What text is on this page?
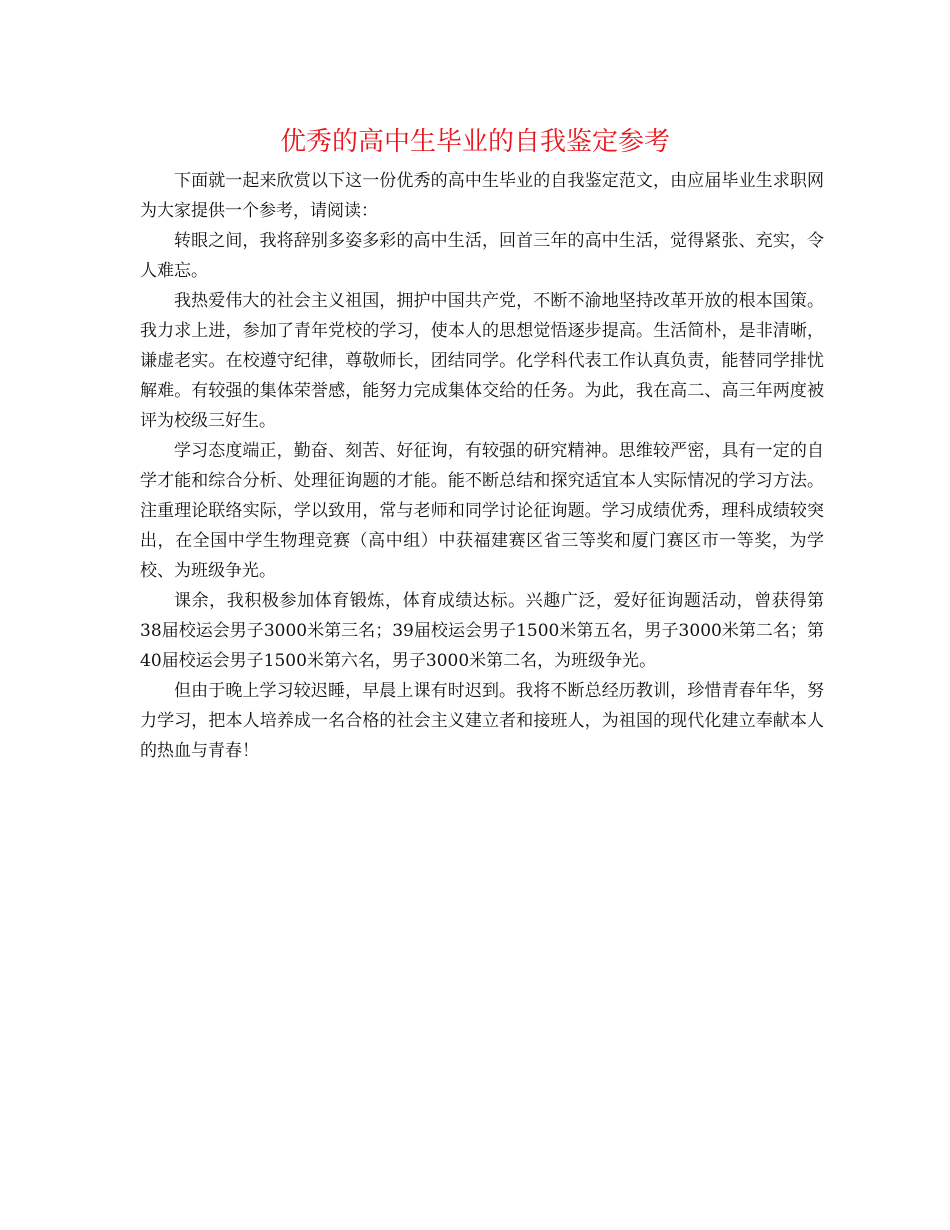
优秀的高中生毕业的自我鉴定参考

下面就一起来欣赏以下这一份优秀的高中生毕业的自我鉴定范文，由应届毕业生求职网为大家提供一个参考，请阅读：

转眼之间，我将辞别多姿多彩的高中生活，回首三年的高中生活，觉得紧张、充实，令人难忘。

我热爱伟大的社会主义祖国，拥护中国共产党，不断不渝地坚持改革开放的根本国策。我力求上进，参加了青年党校的学习，使本人的思想觉悟逐步提高。生活简朴，是非清晰，谦虚老实。在校遵守纪律，尊敬师长，团结同学。化学科代表工作认真负责，能替同学排忧解难。有较强的集体荣誉感，能努力完成集体交给的任务。为此，我在高二、高三年两度被评为校级三好生。

学习态度端正，勤奋、刻苦、好征询，有较强的研究精神。思维较严密，具有一定的自学才能和综合分析、处理征询题的才能。能不断总结和探究适宜本人实际情况的学习方法。注重理论联络实际，学以致用，常与老师和同学讨论征询题。学习成绩优秀，理科成绩较突出，在全国中学生物理竞赛（高中组）中获福建赛区省三等奖和厦门赛区市一等奖，为学校、为班级争光。

课余，我积极参加体育锻炼，体育成绩达标。兴趣广泛，爱好征询题活动，曾获得第38届校运会男子3000米第三名；39届校运会男子1500米第五名，男子3000米第二名；第40届校运会男子1500米第六名，男子3000米第二名，为班级争光。

但由于晚上学习较迟睡，早晨上课有时迟到。我将不断总经历教训，珍惜青春年华，努力学习，把本人培养成一名合格的社会主义建立者和接班人，为祖国的现代化建立奉献本人的热血与青春！
